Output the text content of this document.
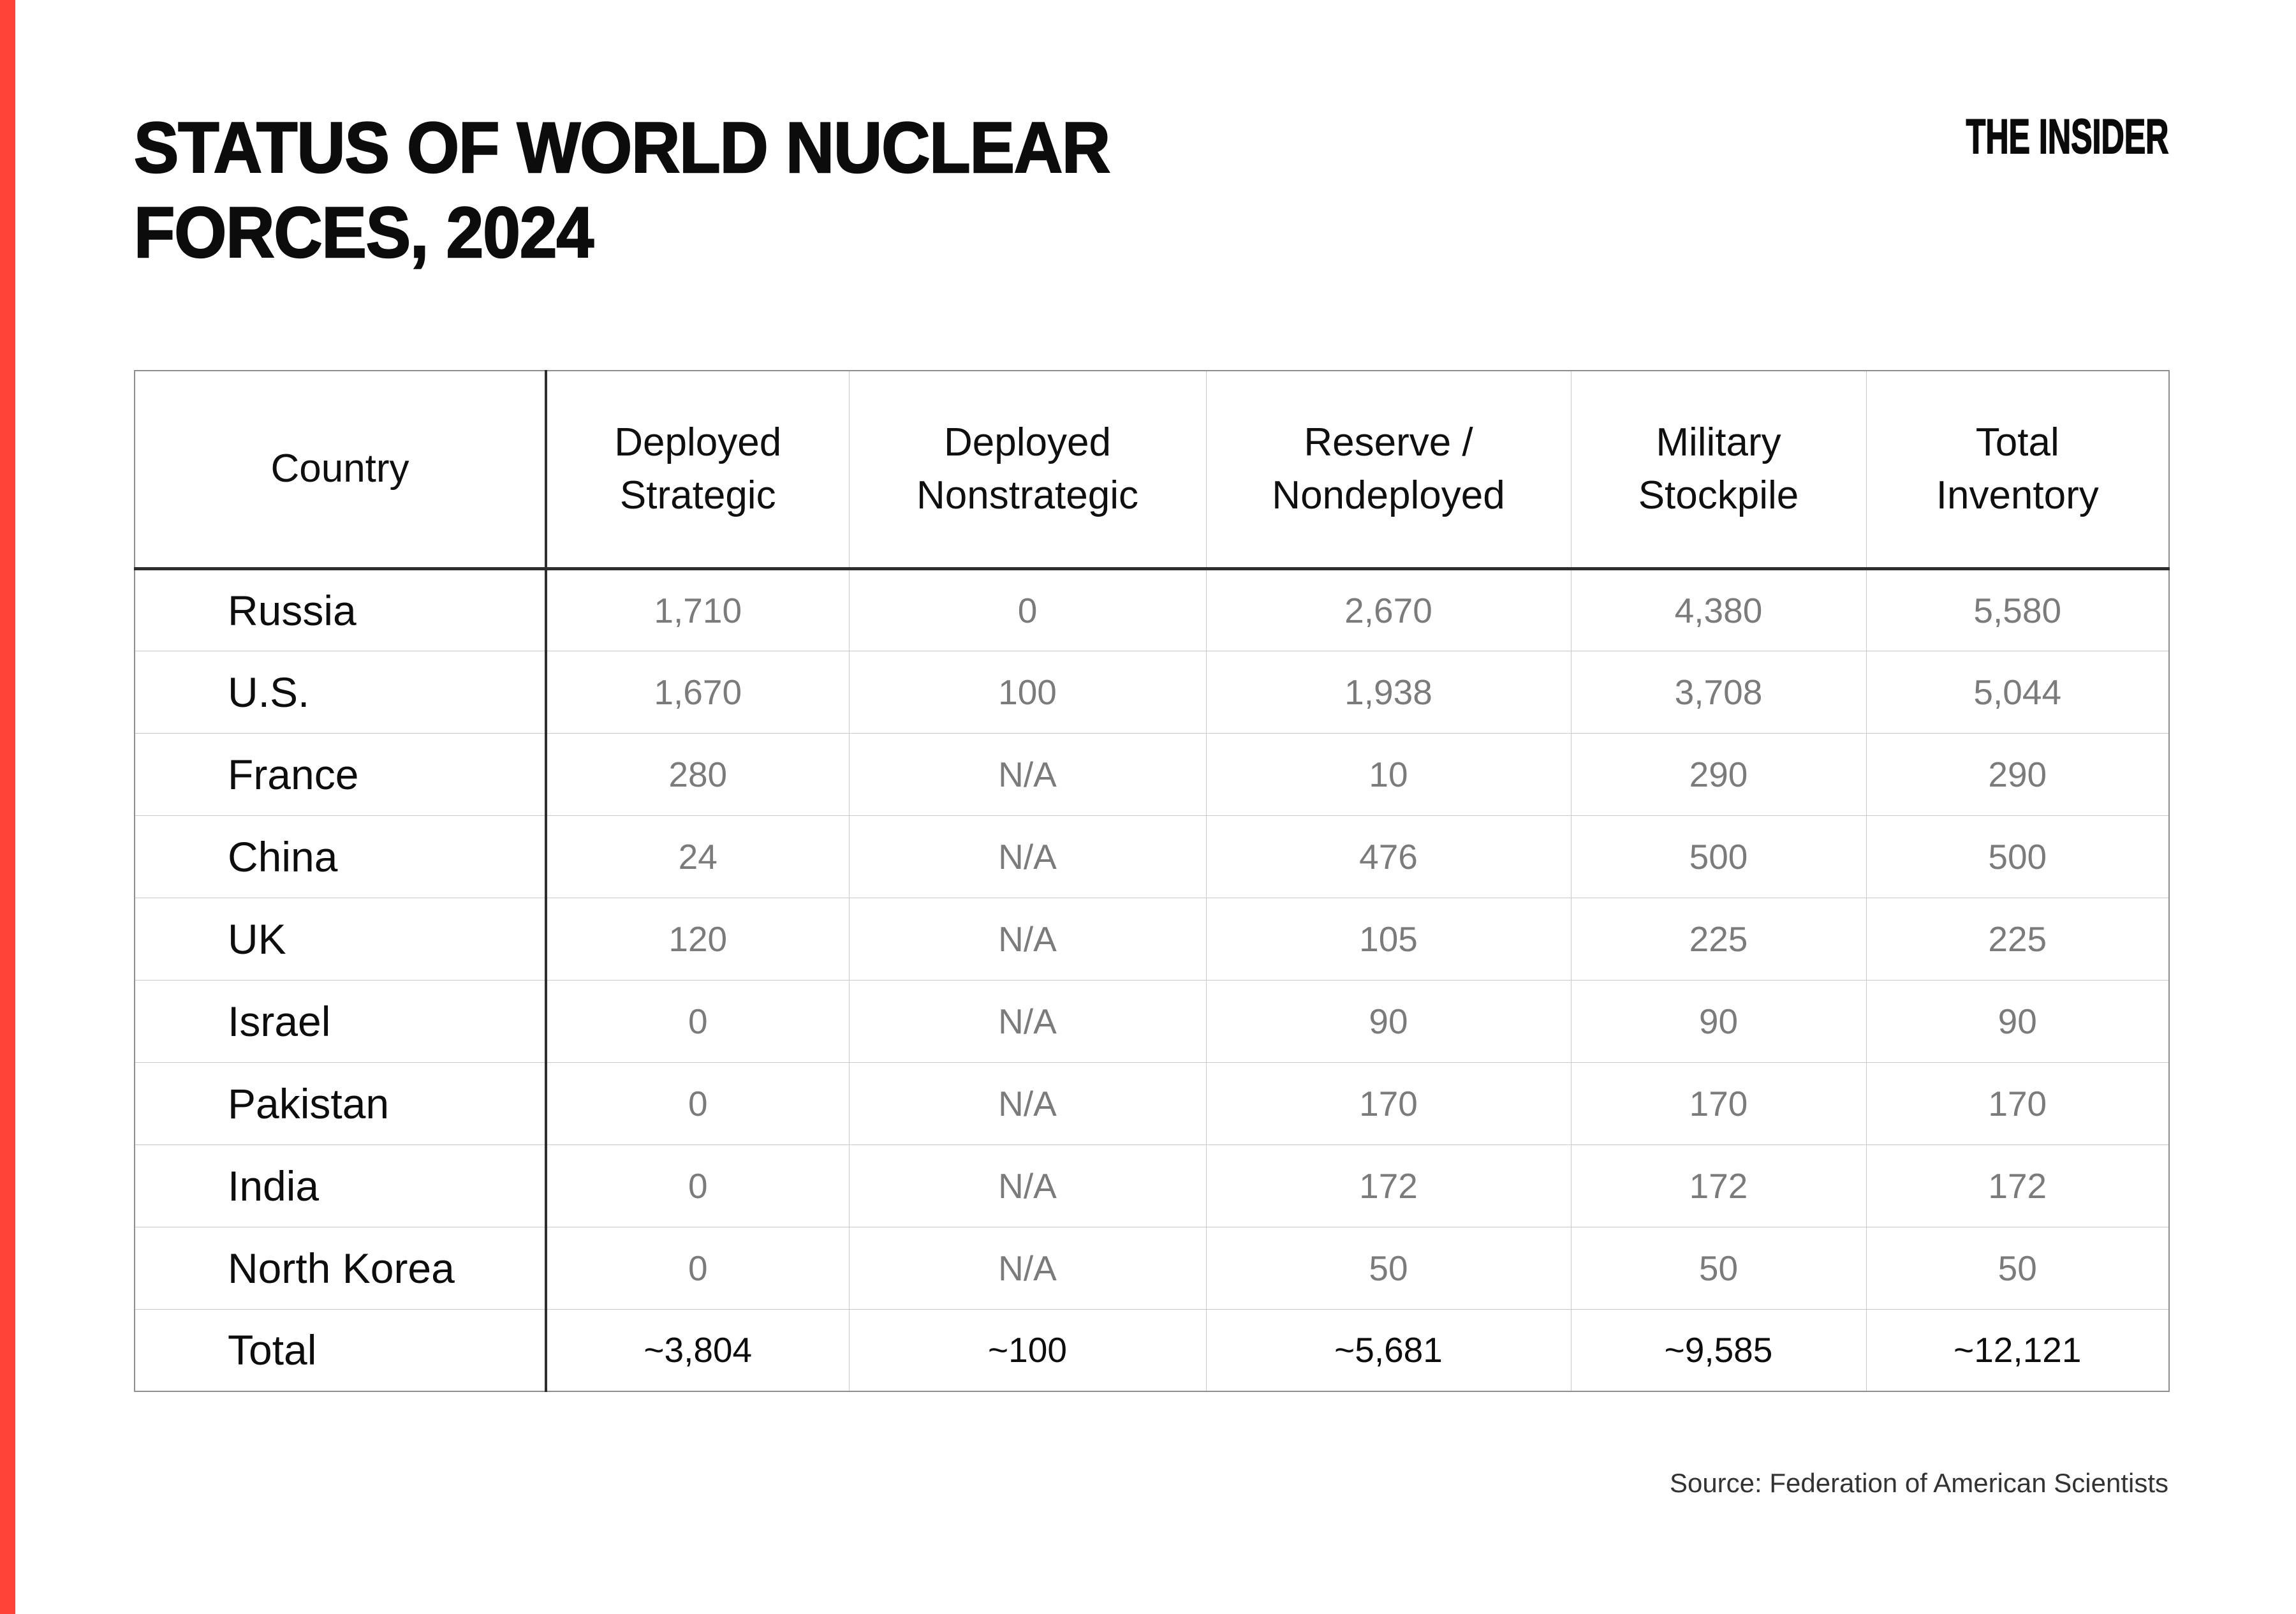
STATUS OF WORLD NUCLEAR
FORCES, 2024
THE INSIDER
Country	Deployed Strategic	Deployed Nonstrategic	Reserve / Nondeployed	Military Stockpile	Total Inventory
Russia	1,710	0	2,670	4,380	5,580
U.S.	1,670	100	1,938	3,708	5,044
France	280	N/A	10	290	290
China	24	N/A	476	500	500
UK	120	N/A	105	225	225
Israel	0	N/A	90	90	90
Pakistan	0	N/A	170	170	170
India	0	N/A	172	172	172
North Korea	0	N/A	50	50	50
Total	~3,804	~100	~5,681	~9,585	~12,121
Source: Federation of American Scientists
